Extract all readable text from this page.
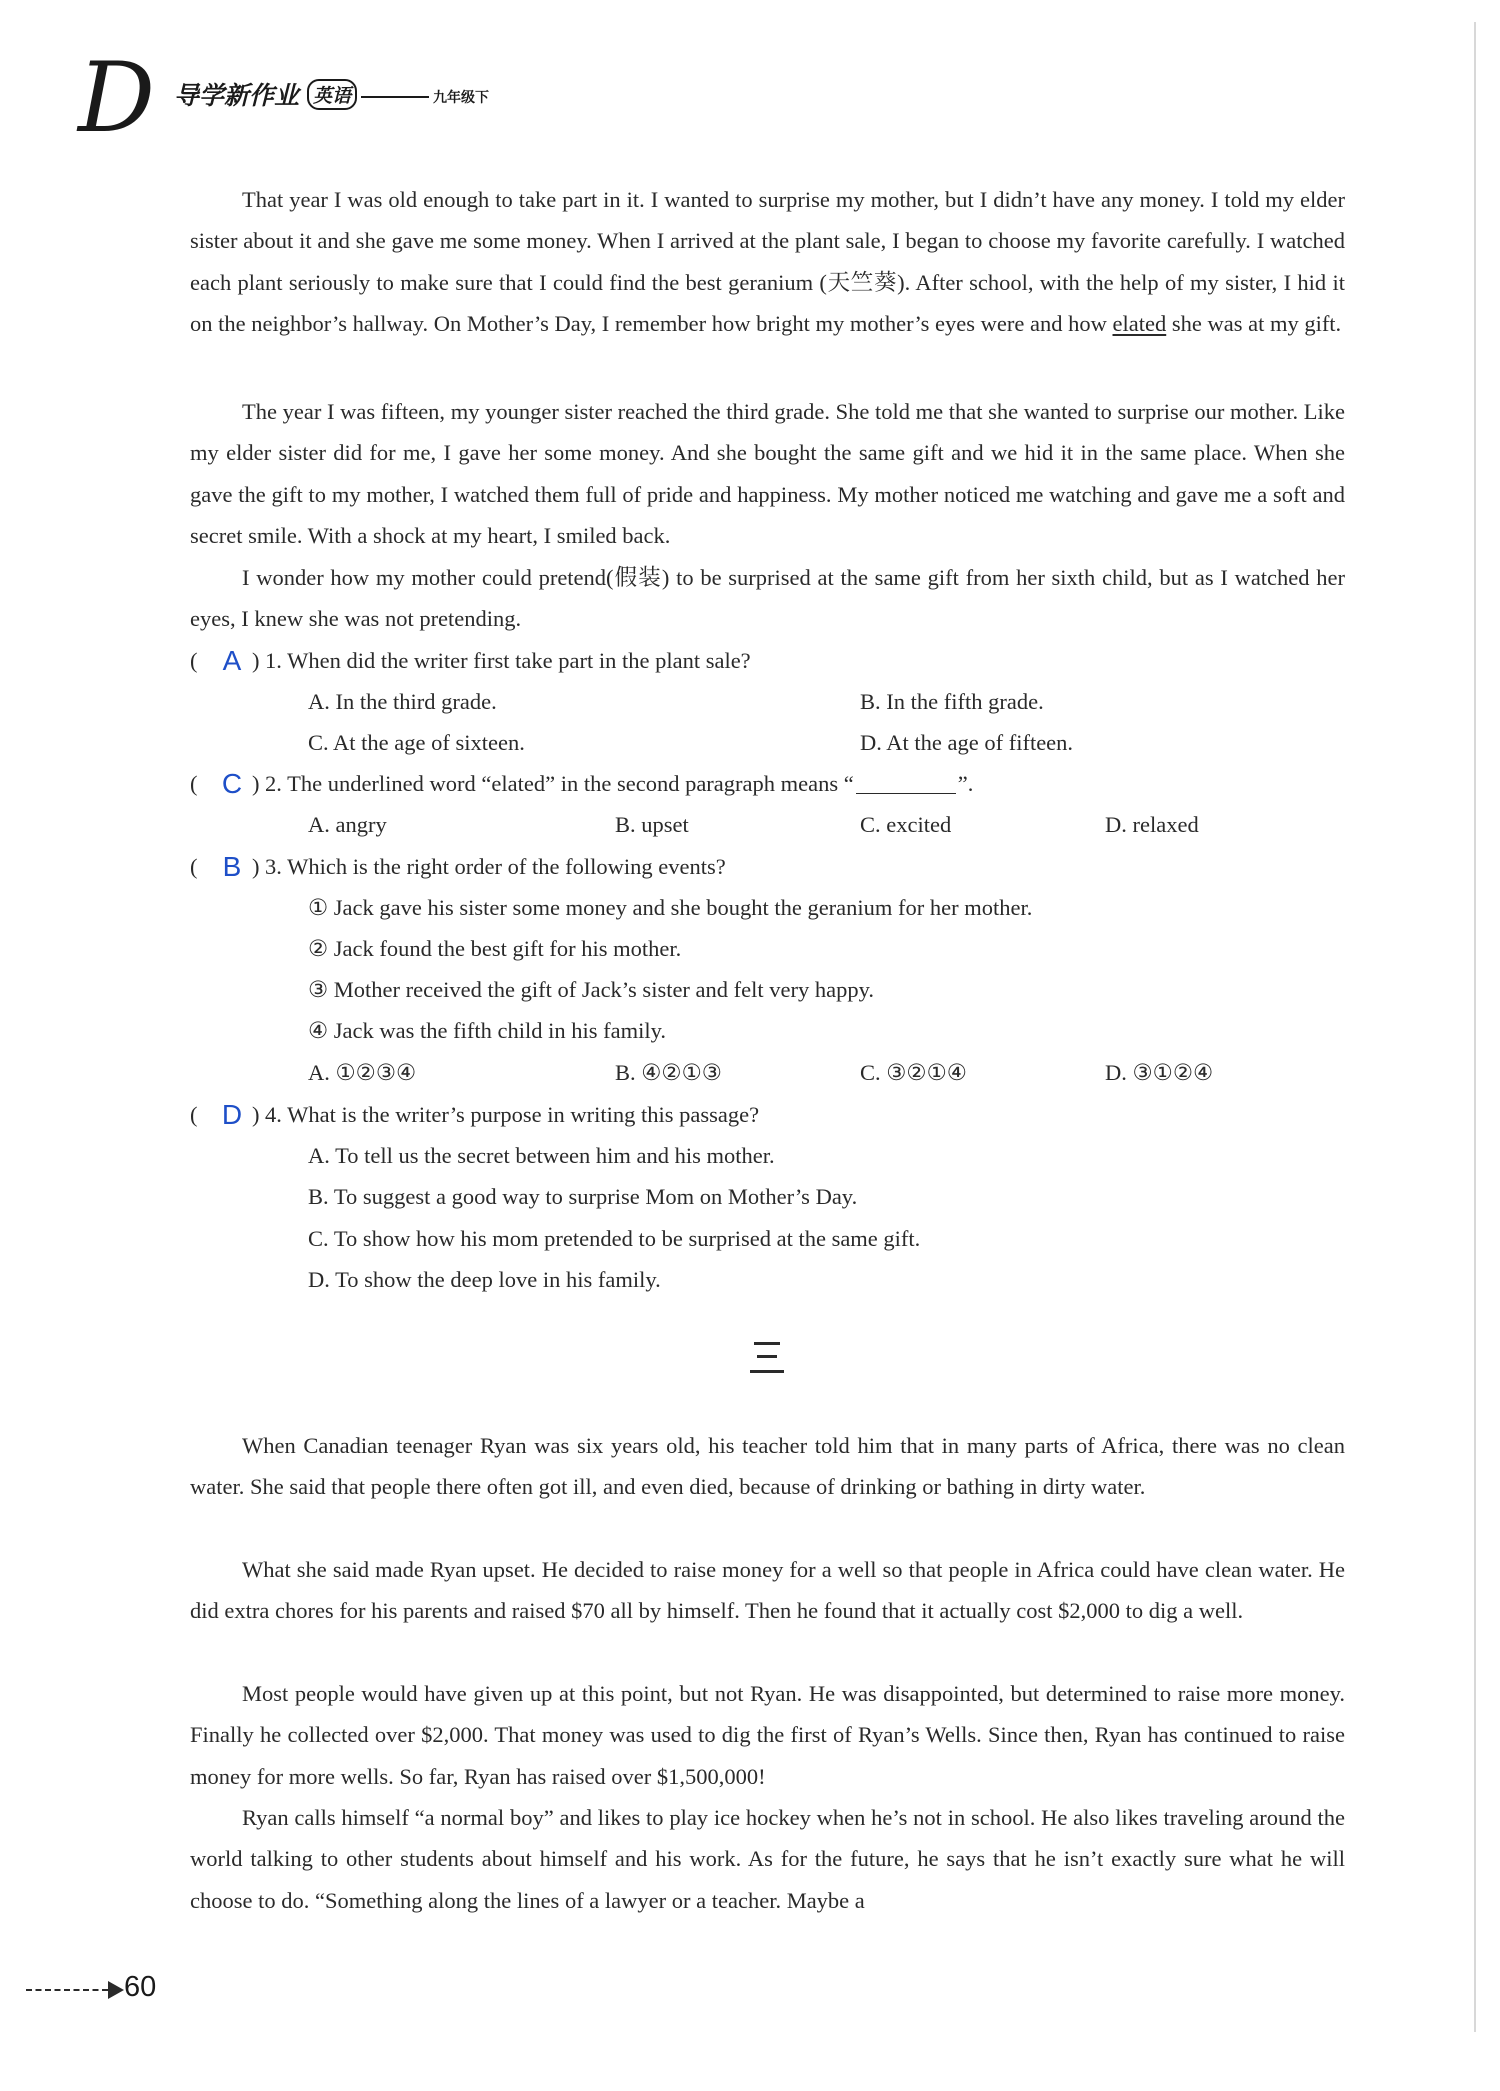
D 导学新作业 英语	九年级下

That year I was old enough to take part in it. I wanted to surprise my mother, but I didn’t have any money. I told my elder sister about it and she gave me some money. When I arrived at the plant sale, I began to choose my favorite carefully. I watched each plant seriously to make sure that I could find the best geranium (天竺葵). After school, with the help of my sister, I hid it on the neighbor’s hallway. On Mother’s Day, I remember how bright my mother’s eyes were and how elated she was at my gift.

The year I was fifteen, my younger sister reached the third grade. She told me that she wanted to surprise our mother. Like my elder sister did for me, I gave her some money. And she bought the same gift and we hid it in the same place. When she gave the gift to my mother, I watched them full of pride and happiness. My mother noticed me watching and gave me a soft and secret smile. With a shock at my heart, I smiled back.

I wonder how my mother could pretend(假装) to be surprised at the same gift from her sixth child, but as I watched her eyes, I knew she was not pretending.

( A ) 1. When did the writer first take part in the plant sale?
A. In the third grade.	B. In the fifth grade.
C. At the age of sixteen.	D. At the age of fifteen.
( C ) 2. The underlined word “elated” in the second paragraph means “	”.
A. angry	B. upset	C. excited	D. relaxed
( B ) 3. Which is the right order of the following events?
① Jack gave his sister some money and she bought the geranium for her mother.
② Jack found the best gift for his mother.
③ Mother received the gift of Jack’s sister and felt very happy.
④ Jack was the fifth child in his family.
A. ①②③④	B. ④②①③	C. ③②①④	D. ③①②④
( D ) 4. What is the writer’s purpose in writing this passage?
A. To tell us the secret between him and his mother.
B. To suggest a good way to surprise Mom on Mother’s Day.
C. To show how his mom pretended to be surprised at the same gift.
D. To show the deep love in his family.

When Canadian teenager Ryan was six years old, his teacher told him that in many parts of Africa, there was no clean water. She said that people there often got ill, and even died, because of drinking or bathing in dirty water.

What she said made Ryan upset. He decided to raise money for a well so that people in Africa could have clean water. He did extra chores for his parents and raised $70 all by himself. Then he found that it actually cost $2,000 to dig a well.

Most people would have given up at this point, but not Ryan. He was disappointed, but determined to raise more money. Finally he collected over $2,000. That money was used to dig the first of Ryan’s Wells. Since then, Ryan has continued to raise money for more wells. So far, Ryan has raised over $1,500,000!

Ryan calls himself “a normal boy” and likes to play ice hockey when he’s not in school. He also likes traveling around the world talking to other students about himself and his work. As for the future, he says that he isn’t exactly sure what he will choose to do. “Something along the lines of a lawyer or a teacher. Maybe a

60
